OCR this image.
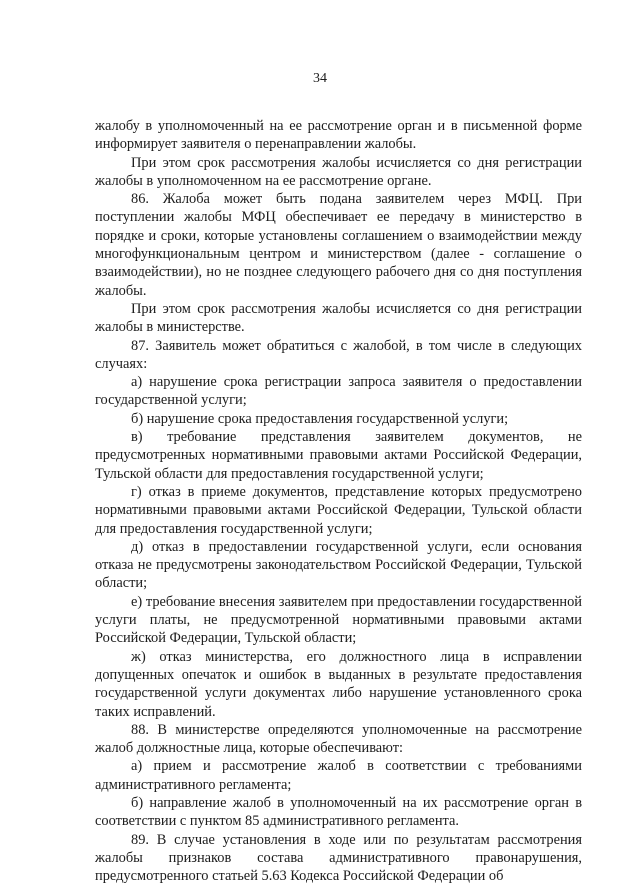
34

жалобу в уполномоченный на ее рассмотрение орган и в письменной форме информирует заявителя о перенаправлении жалобы.

При этом срок рассмотрения жалобы исчисляется со дня регистрации жалобы в уполномоченном на ее рассмотрение органе.

86. Жалоба может быть подана заявителем через МФЦ. При поступлении жалобы МФЦ обеспечивает ее передачу в министерство в порядке и сроки, которые установлены соглашением о взаимодействии между многофункциональным центром и министерством (далее - соглашение о взаимодействии), но не позднее следующего рабочего дня со дня поступления жалобы.

При этом срок рассмотрения жалобы исчисляется со дня регистрации жалобы в министерстве.

87. Заявитель может обратиться с жалобой, в том числе в следующих случаях:

а) нарушение срока регистрации запроса заявителя о предоставлении государственной услуги;

б) нарушение срока предоставления государственной услуги;

в) требование представления заявителем документов, не предусмотренных нормативными правовыми актами Российской Федерации, Тульской области для предоставления государственной услуги;

г) отказ в приеме документов, представление которых предусмотрено нормативными правовыми актами Российской Федерации, Тульской области для предоставления государственной услуги;

д) отказ в предоставлении государственной услуги, если основания отказа не предусмотрены законодательством Российской Федерации, Тульской области;

е) требование внесения заявителем при предоставлении государственной услуги платы, не предусмотренной нормативными правовыми актами Российской Федерации, Тульской области;

ж) отказ министерства, его должностного лица в исправлении допущенных опечаток и ошибок в выданных в результате предоставления государственной услуги документах либо нарушение установленного срока таких исправлений.

88. В министерстве определяются уполномоченные на рассмотрение жалоб должностные лица, которые обеспечивают:

а) прием и рассмотрение жалоб в соответствии с требованиями административного регламента;

б) направление жалоб в уполномоченный на их рассмотрение орган в соответствии с пунктом 85 административного регламента.

89. В случае установления в ходе или по результатам рассмотрения жалобы признаков состава административного правонарушения, предусмотренного статьей 5.63 Кодекса Российской Федерации об
